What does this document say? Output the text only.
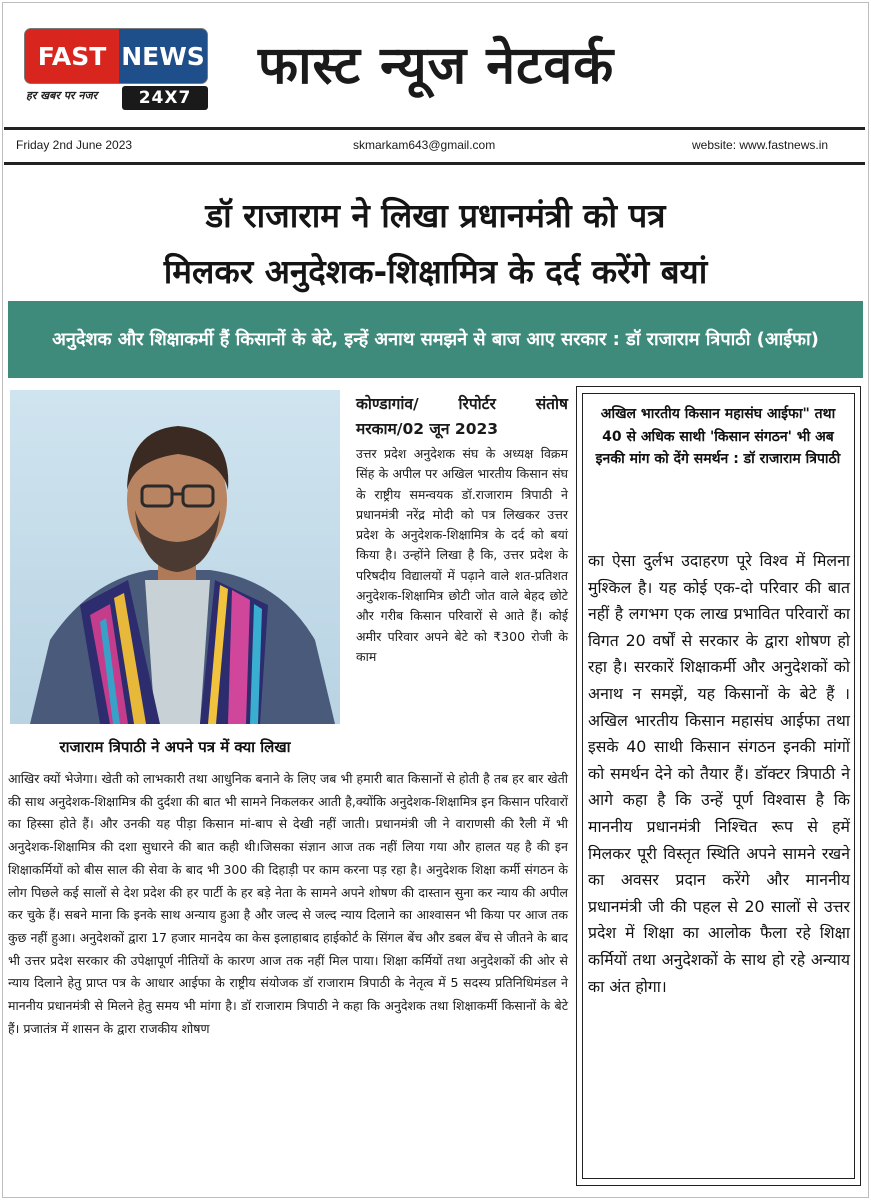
FAST NEWS
हर खबर पर नजर	24X7
फास्ट न्यूज नेटवर्क
Friday 2nd June 2023	skmarkam643@gmail.com	website: www.fastnews.in
डॉ राजाराम ने लिखा प्रधानमंत्री को पत्र
मिलकर अनुदेशक-शिक्षामित्र के दर्द करेंगे बयां
अनुदेशक और शिक्षाकर्मी हैं किसानों के बेटे, इन्हें अनाथ समझने से बाज आए सरकार : डॉ राजाराम त्रिपाठी (आईफा)
राजाराम त्रिपाठी ने अपने पत्र में क्या लिखा
कोण्डागांव/ रिपोर्टर संतोष मरकाम/02 जून 2023
उत्तर प्रदेश अनुदेशक संघ के अध्यक्ष विक्रम सिंह के अपील पर अखिल भारतीय किसान संघ के राष्ट्रीय समन्वयक डॉ.राजाराम त्रिपाठी ने प्रधानमंत्री नरेंद्र मोदी को पत्र लिखकर उत्तर प्रदेश के अनुदेशक-शिक्षामित्र के दर्द को बयां किया है। उन्होंने लिखा है कि, उत्तर प्रदेश के परिषदीय विद्यालयों में पढ़ाने वाले शत-प्रतिशत अनुदेशक-शिक्षामित्र छोटी जोत वाले बेहद छोटे और गरीब किसान परिवारों से आते हैं। कोई अमीर परिवार अपने बेटे को ₹300 रोजी के काम
आखिर क्यों भेजेगा। खेती को लाभकारी तथा आधुनिक बनाने के लिए जब भी हमारी बात किसानों से होती है तब हर बार खेती की साथ अनुदेशक-शिक्षामित्र की दुर्दशा की बात भी सामने निकलकर आती है,क्योंकि अनुदेशक-शिक्षामित्र इन किसान परिवारों का हिस्सा होते हैं। और उनकी यह पीड़ा किसान मां-बाप से देखी नहीं जाती। प्रधानमंत्री जी ने वाराणसी की रैली में भी अनुदेशक-शिक्षामित्र की दशा सुधारने की बात कही थी।जिसका संज्ञान आज तक नहीं लिया गया और हालत यह है की इन शिक्षाकर्मियों को बीस साल की सेवा के बाद भी 300 की दिहाड़ी पर काम करना पड़ रहा है। अनुदेशक शिक्षा कर्मी संगठन के लोग पिछले कई सालों से देश प्रदेश की हर पार्टी के हर बड़े नेता के सामने अपने शोषण की दास्तान सुना कर न्याय की अपील कर चुके हैं। सबने माना कि इनके साथ अन्याय हुआ है और जल्द से जल्द न्याय दिलाने का आश्वासन भी किया पर आज तक कुछ नहीं हुआ। अनुदेशकों द्वारा 17 हजार मानदेय का केस इलाहाबाद हाईकोर्ट के सिंगल बेंच और डबल बेंच से जीतने के बाद भी उत्तर प्रदेश सरकार की उपेक्षापूर्ण नीतियों के कारण आज तक नहीं मिल पाया। शिक्षा कर्मियों तथा अनुदेशकों की ओर से न्याय दिलाने हेतु प्राप्त पत्र के आधार आईफा के राष्ट्रीय संयोजक डॉ राजाराम त्रिपाठी के नेतृत्व में 5 सदस्य प्रतिनिधिमंडल ने माननीय प्रधानमंत्री से मिलने हेतु समय भी मांगा है। डॉ राजाराम त्रिपाठी ने कहा कि अनुदेशक तथा शिक्षाकर्मी किसानों के बेटे हैं। प्रजातंत्र में शासन के द्वारा राजकीय शोषण
अखिल भारतीय किसान महासंघ आईफा" तथा 40 से अधिक साथी 'किसान संगठन' भी अब इनकी मांग को देंगे समर्थन : डॉ राजाराम त्रिपाठी
का ऐसा दुर्लभ उदाहरण पूरे विश्व में मिलना मुश्किल है। यह कोई एक-दो परिवार की बात नहीं है लगभग एक लाख प्रभावित परिवारों का विगत 20 वर्षों से सरकार के द्वारा शोषण हो रहा है। सरकारें शिक्षाकर्मी और अनुदेशकों को अनाथ न समझें, यह किसानों के बेटे हैं ।अखिल भारतीय किसान महासंघ आईफा तथा इसके 40 साथी किसान संगठन इनकी मांगों को समर्थन देने को तैयार हैं। डॉक्टर त्रिपाठी ने आगे कहा है कि उन्हें पूर्ण विश्वास है कि माननीय प्रधानमंत्री निश्चित रूप से हमें मिलकर पूरी विस्तृत स्थिति अपने सामने रखने का अवसर प्रदान करेंगे और माननीय प्रधानमंत्री जी की पहल से 20 सालों से उत्तर प्रदेश में शिक्षा का आलोक फैला रहे शिक्षा कर्मियों तथा अनुदेशकों के साथ हो रहे अन्याय का अंत होगा।
